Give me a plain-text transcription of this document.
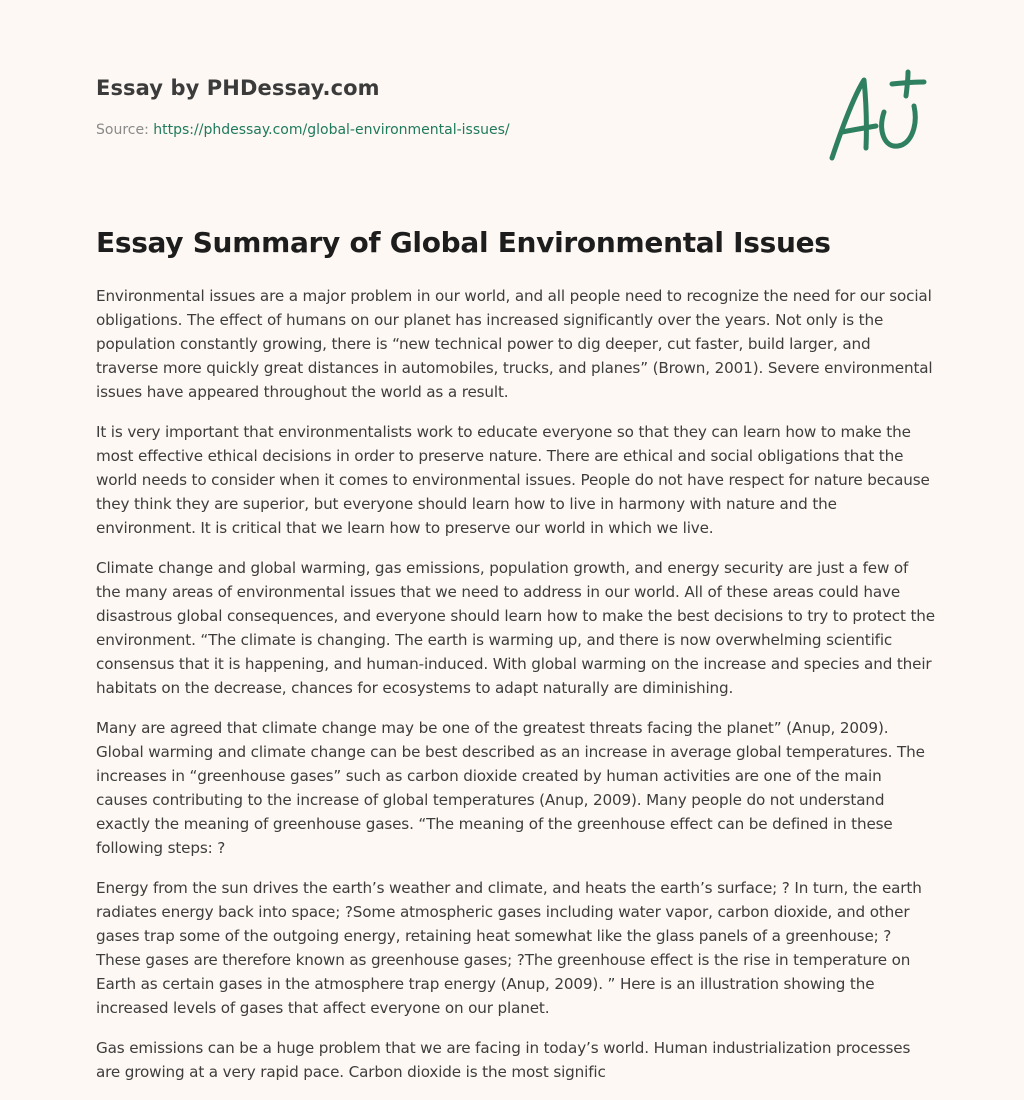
Essay by PHDessay.com
Source: https://phdessay.com/global-environmental-issues/
Essay Summary of Global Environmental Issues

Environmental issues are a major problem in our world, and all people need to recognize the need for our social obligations. The effect of humans on our planet has increased significantly over the years. Not only is the population constantly growing, there is “new technical power to dig deeper, cut faster, build larger, and traverse more quickly great distances in automobiles, trucks, and planes” (Brown, 2001). Severe environmental issues have appeared throughout the world as a result.

It is very important that environmentalists work to educate everyone so that they can learn how to make the most effective ethical decisions in order to preserve nature. There are ethical and social obligations that the world needs to consider when it comes to environmental issues. People do not have respect for nature because they think they are superior, but everyone should learn how to live in harmony with nature and the environment. It is critical that we learn how to preserve our world in which we live.

Climate change and global warming, gas emissions, population growth, and energy security are just a few of the many areas of environmental issues that we need to address in our world. All of these areas could have disastrous global consequences, and everyone should learn how to make the best decisions to try to protect the environment. “The climate is changing. The earth is warming up, and there is now overwhelming scientific consensus that it is happening, and human-induced. With global warming on the increase and species and their habitats on the decrease, chances for ecosystems to adapt naturally are diminishing.

Many are agreed that climate change may be one of the greatest threats facing the planet” (Anup, 2009). Global warming and climate change can be best described as an increase in average global temperatures. The increases in “greenhouse gases” such as carbon dioxide created by human activities are one of the main causes contributing to the increase of global temperatures (Anup, 2009). Many people do not understand exactly the meaning of greenhouse gases. “The meaning of the greenhouse effect can be defined in these following steps: ?

Energy from the sun drives the earth’s weather and climate, and heats the earth’s surface; ? In turn, the earth radiates energy back into space; ?Some atmospheric gases including water vapor, carbon dioxide, and other gases trap some of the outgoing energy, retaining heat somewhat like the glass panels of a greenhouse; ? These gases are therefore known as greenhouse gases; ?The greenhouse effect is the rise in temperature on Earth as certain gases in the atmosphere trap energy (Anup, 2009). ” Here is an illustration showing the increased levels of gases that affect everyone on our planet.

Gas emissions can be a huge problem that we are facing in today’s world. Human industrialization processes are growing at a very rapid pace. Carbon dioxide is the most signific
